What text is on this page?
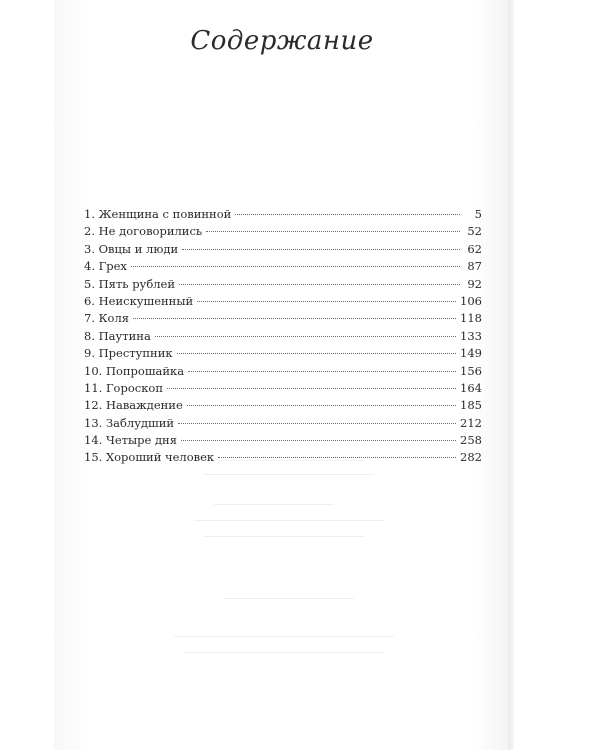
Содержание
1. Женщина с повинной	5
2. Не договорились	52
3. Овцы и люди	62
4. Грех	87
5. Пять рублей	92
6. Неискушенный	106
7. Коля	118
8. Паутина	133
9. Преступник	149
10. Попрошайка	156
11. Гороскоп	164
12. Наваждение	185
13. Заблудший	212
14. Четыре дня	258
15. Хороший человек	282
